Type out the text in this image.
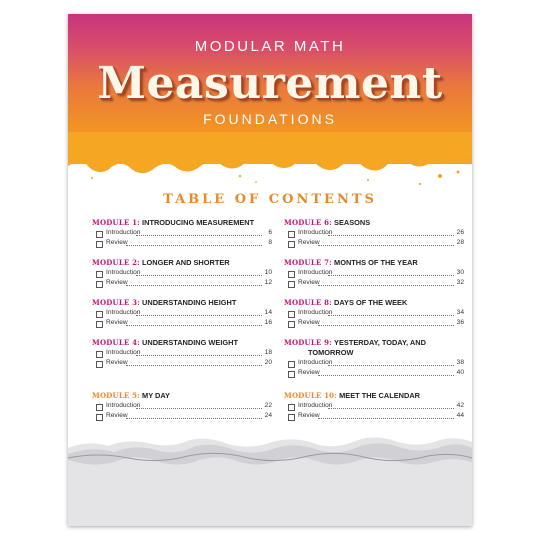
MODULAR MATH
Measurement
FOUNDATIONS
TABLE OF CONTENTS
MODULE 1: INTRODUCING MEASUREMENT
Introduction	6
Review	8
MODULE 2: LONGER AND SHORTER
Introduction	10
Review	12
MODULE 3: UNDERSTANDING HEIGHT
Introduction	14
Review	16
MODULE 4: UNDERSTANDING WEIGHT
Introduction	18
Review	20
MODULE 5: MY DAY
Introduction	22
Review	24
MODULE 6: SEASONS
Introduction	26
Review	28
MODULE 7: MONTHS OF THE YEAR
Introduction	30
Review	32
MODULE 8: DAYS OF THE WEEK
Introduction	34
Review	36
MODULE 9: YESTERDAY, TODAY, AND
TOMORROW
Introduction	38
Review	40
MODULE 10: MEET THE CALENDAR
Introduction	42
Review	44
